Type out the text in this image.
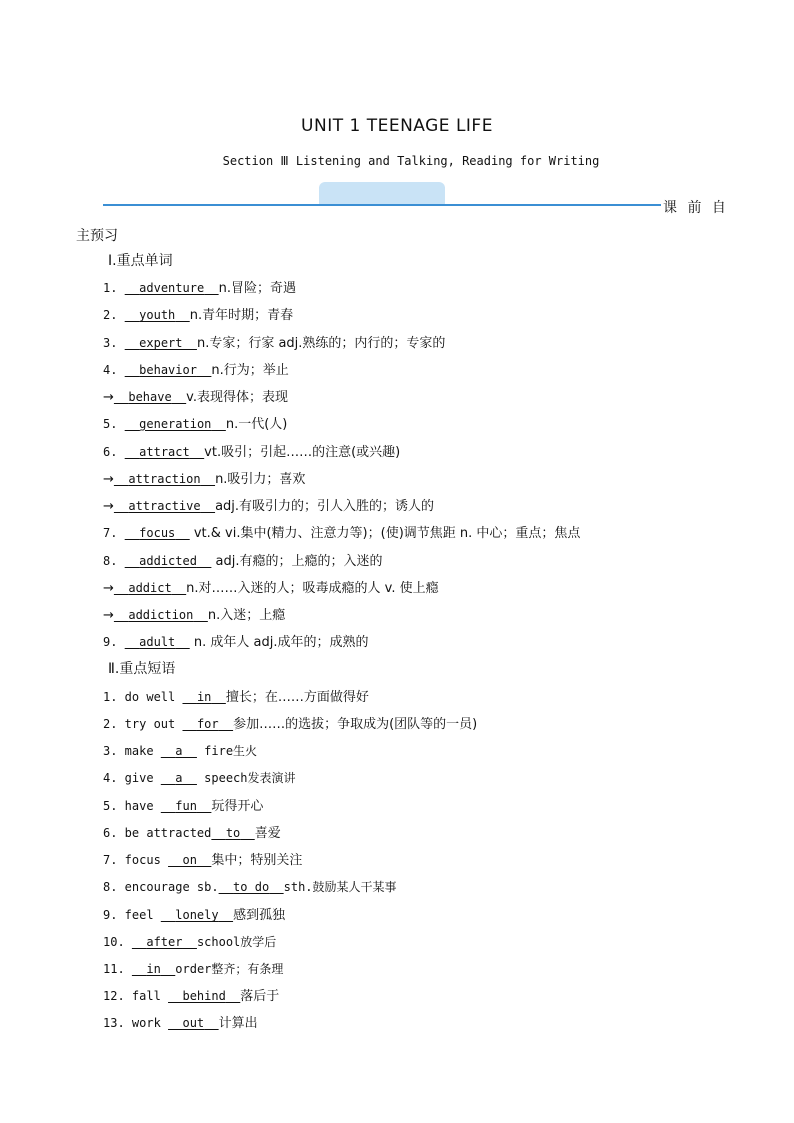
UNIT 1 TEENAGE LIFE
Section Ⅲ Listening and Talking, Reading for Writing
课 前 自
主预习
Ⅰ.重点单词
1. adventure n.冒险；奇遇
2. youth n.青年时期；青春
3. expert n.专家；行家 adj.熟练的；内行的；专家的
4. behavior n.行为；举止
→ behave v.表现得体；表现
5. generation n.一代(人)
6. attract vt.吸引；引起……的注意(或兴趣)
→ attraction n.吸引力；喜欢
→ attractive adj.有吸引力的；引人入胜的；诱人的
7. focus vt.& vi.集中(精力、注意力等)；(使)调节焦距 n. 中心；重点；焦点
8. addicted adj.有瘾的；上瘾的；入迷的
→ addict n.对……入迷的人；吸毒成瘾的人 v. 使上瘾
→ addiction n.入迷；上瘾
9. adult n. 成年人 adj.成年的；成熟的
Ⅱ.重点短语
1. do well in 擅长；在……方面做得好
2. try out for 参加……的选拔；争取成为(团队等的一员)
3. make a fire生火
4. give a speech发表演讲
5. have fun 玩得开心
6. be attracted to 喜爱
7. focus on 集中；特别关注
8. encourage sb. to do sth.鼓励某人干某事
9. feel lonely 感到孤独
10. after school放学后
11. in order整齐；有条理
12. fall behind 落后于
13. work out 计算出
